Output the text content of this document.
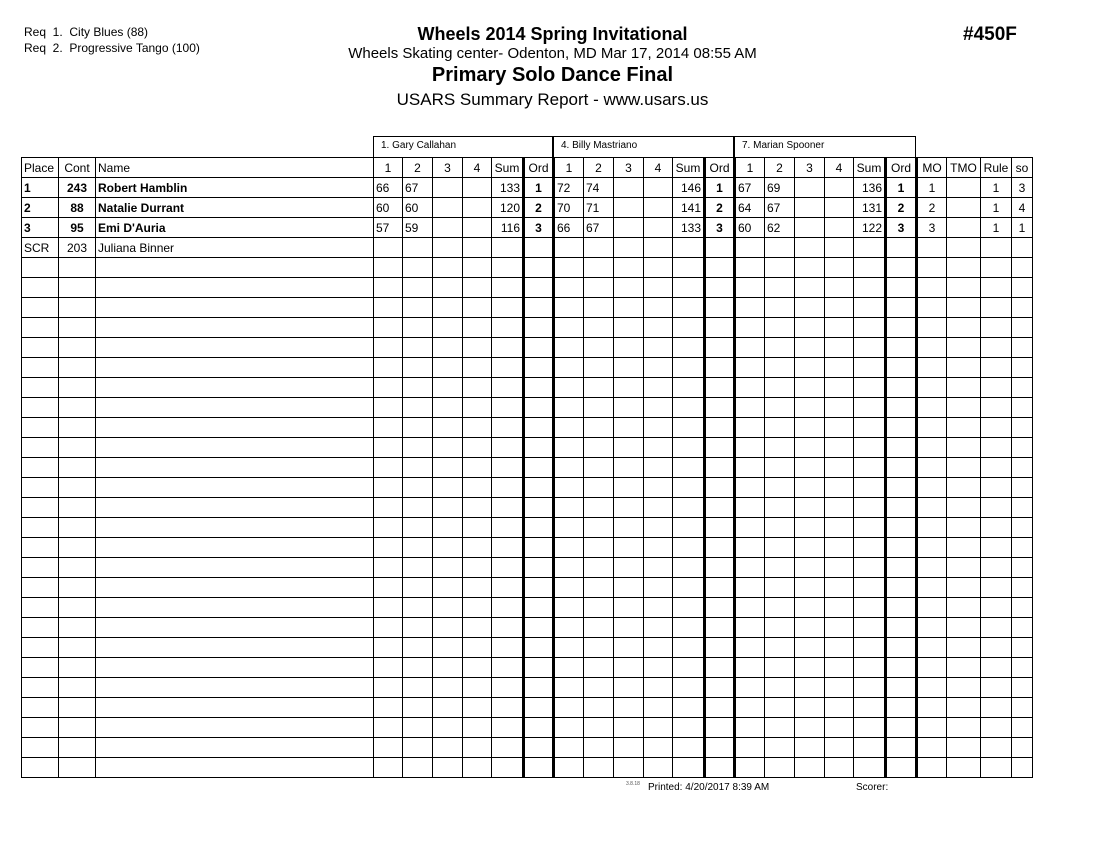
Req  1.  City Blues (88)
Req  2.  Progressive Tango (100)
Wheels 2014 Spring Invitational
Wheels Skating center- Odenton, MD Mar 17, 2014 08:55 AM
Primary Solo Dance Final
USARS Summary Report - www.usars.us
#450F
1. Gary Callahan	4. Billy Mastriano	7. Marian Spooner
Place	Cont	Name	1	2	3	4	Sum	Ord	1	2	3	4	Sum	Ord	1	2	3	4	Sum	Ord	MO	TMO	Rule	so
1	243	Robert Hamblin	66	67			133	1	72	74			146	1	67	69			136	1	1		1	3
2	88	Natalie Durrant	60	60			120	2	70	71			141	2	64	67			131	2	2		1	4
3	95	Emi D'Auria	57	59			116	3	66	67			133	3	60	62			122	3	3		1	1
SCR	203	Juliana Binner																						

3.8.18 Printed: 4/20/2017 8:39 AM	Scorer:
